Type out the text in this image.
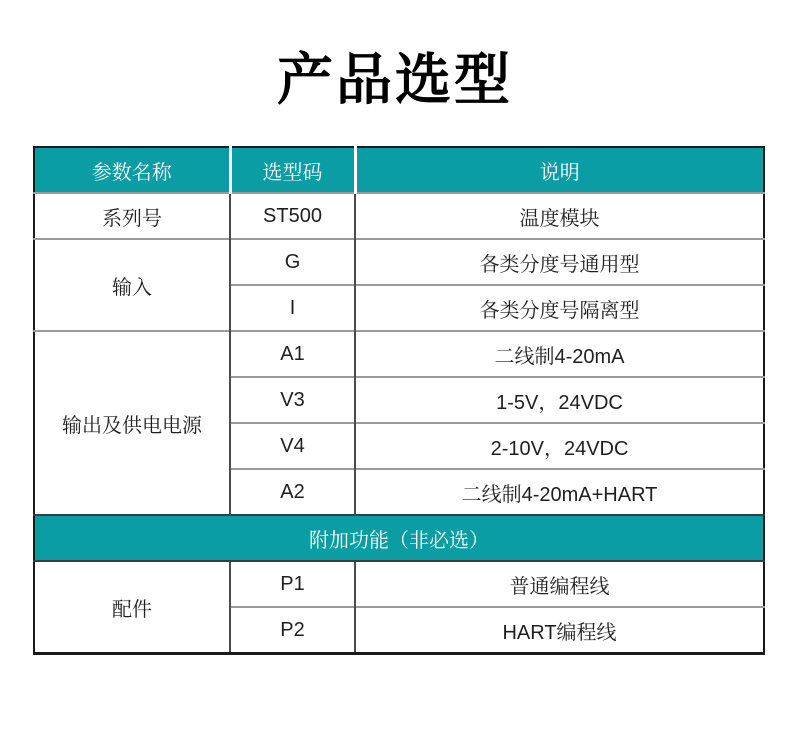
产品选型
参数名称	选型码	说明
系列号	ST500	温度模块
输入	G	各类分度号通用型
	I	各类分度号隔离型
输出及供电电源	A1	二线制4-20mA
	V3	1-5V，24VDC
	V4	2-10V，24VDC
	A2	二线制4-20mA+HART
附加功能（非必选）		
配件	P1	普通编程线
	P2	HART编程线
